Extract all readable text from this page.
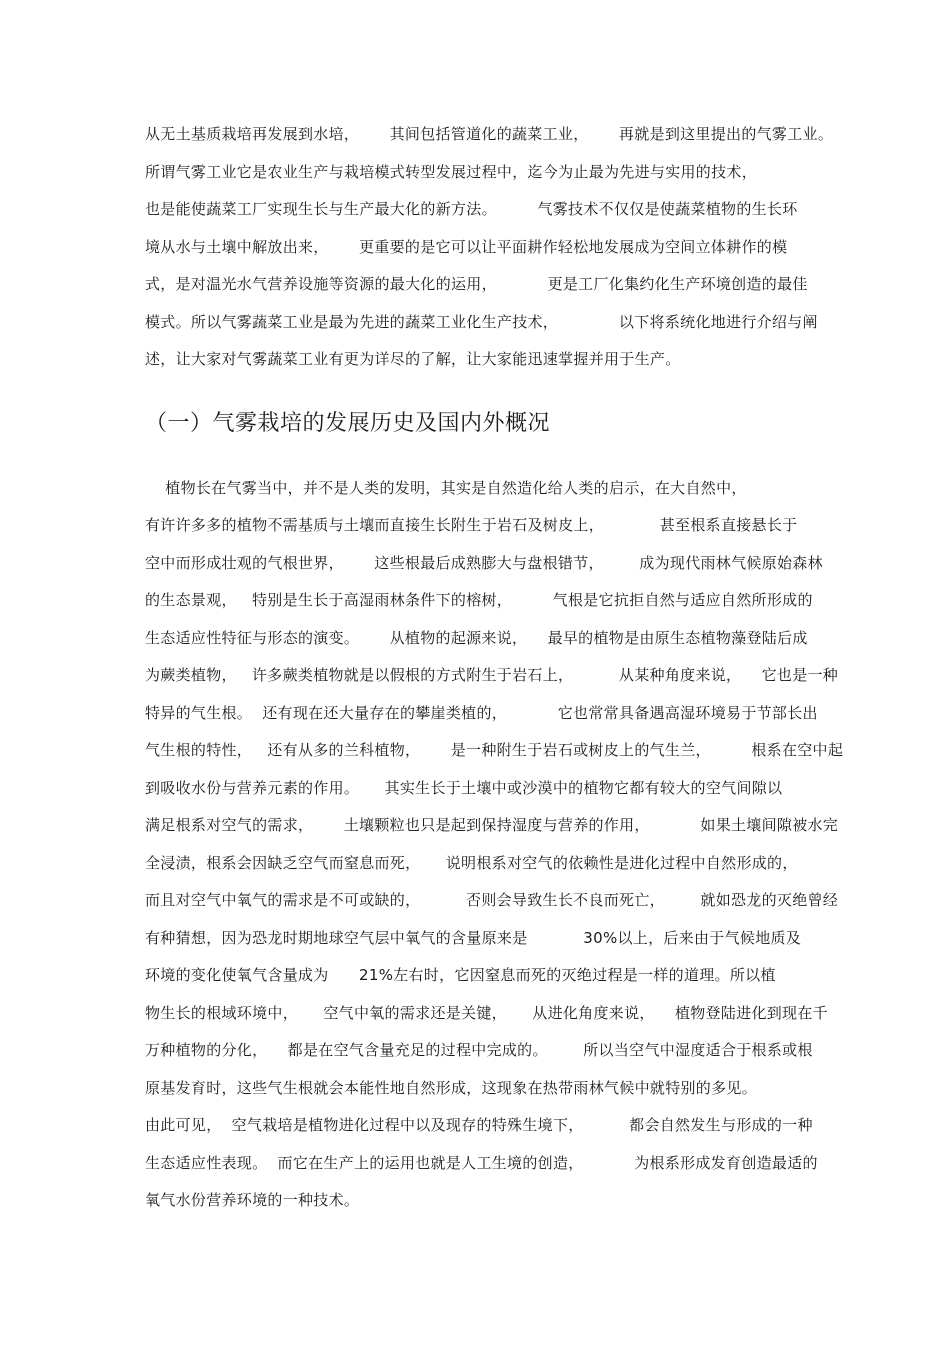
从无土基质栽培再发展到水培，      其间包括管道化的蔬菜工业，      再就是到这里提出的气雾工业。
所谓气雾工业它是农业生产与栽培模式转型发展过程中，迄今为止最为先进与实用的技术，
也是能使蔬菜工厂实现生长与生产最大化的新方法。        气雾技术不仅仅是使蔬菜植物的生长环
境从水与土壤中解放出来，      更重要的是它可以让平面耕作轻松地发展成为空间立体耕作的模
式，是对温光水气营养设施等资源的最大化的运用，          更是工厂化集约化生产环境创造的最佳
模式。所以气雾蔬菜工业是最为先进的蔬菜工业化生产技术，            以下将系统化地进行介绍与阐
述，让大家对气雾蔬菜工业有更为详尽的了解，让大家能迅速掌握并用于生产。
（一）气雾栽培的发展历史及国内外概况
植物长在气雾当中，并不是人类的发明，其实是自然造化给人类的启示，在大自然中，
有许许多多的植物不需基质与土壤而直接生长附生于岩石及树皮上，           甚至根系直接悬长于
空中而形成壮观的气根世界，      这些根最后成熟膨大与盘根错节，       成为现代雨林气候原始森林
的生态景观，   特别是生长于高湿雨林条件下的榕树，        气根是它抗拒自然与适应自然所形成的
生态适应性特征与形态的演变。      从植物的起源来说，    最早的植物是由原生态植物藻登陆后成
为蕨类植物，   许多蕨类植物就是以假根的方式附生于岩石上，         从某种角度来说，    它也是一种
特异的气生根。  还有现在还大量存在的攀崖类植的，          它也常常具备遇高湿环境易于节部长出
气生根的特性，   还有从多的兰科植物，      是一种附生于岩石或树皮上的气生兰，        根系在空中起
到吸收水份与营养元素的作用。     其实生长于土壤中或沙漠中的植物它都有较大的空气间隙以
满足根系对空气的需求，      土壤颗粒也只是起到保持湿度与营养的作用，          如果土壤间隙被水完
全浸渍，根系会因缺乏空气而窒息而死，     说明根系对空气的依赖性是进化过程中自然形成的，
而且对空气中氧气的需求是不可或缺的，         否则会导致生长不良而死亡，       就如恐龙的灭绝曾经
有种猜想，因为恐龙时期地球空气层中氧气的含量原来是           30%以上，后来由于气候地质及
环境的变化使氧气含量成为      21%左右时，它因窒息而死的灭绝过程是一样的道理。所以植
物生长的根域环境中，     空气中氧的需求还是关键，     从进化角度来说，    植物登陆进化到现在千
万种植物的分化，    都是在空气含量充足的过程中完成的。       所以当空气中湿度适合于根系或根
原基发育时，这些气生根就会本能性地自然形成，这现象在热带雨林气候中就特别的多见。
由此可见，  空气栽培是植物进化过程中以及现存的特殊生境下，         都会自然发生与形成的一种
生态适应性表现。  而它在生产上的运用也就是人工生境的创造，          为根系形成发育创造最适的
氧气水份营养环境的一种技术。
